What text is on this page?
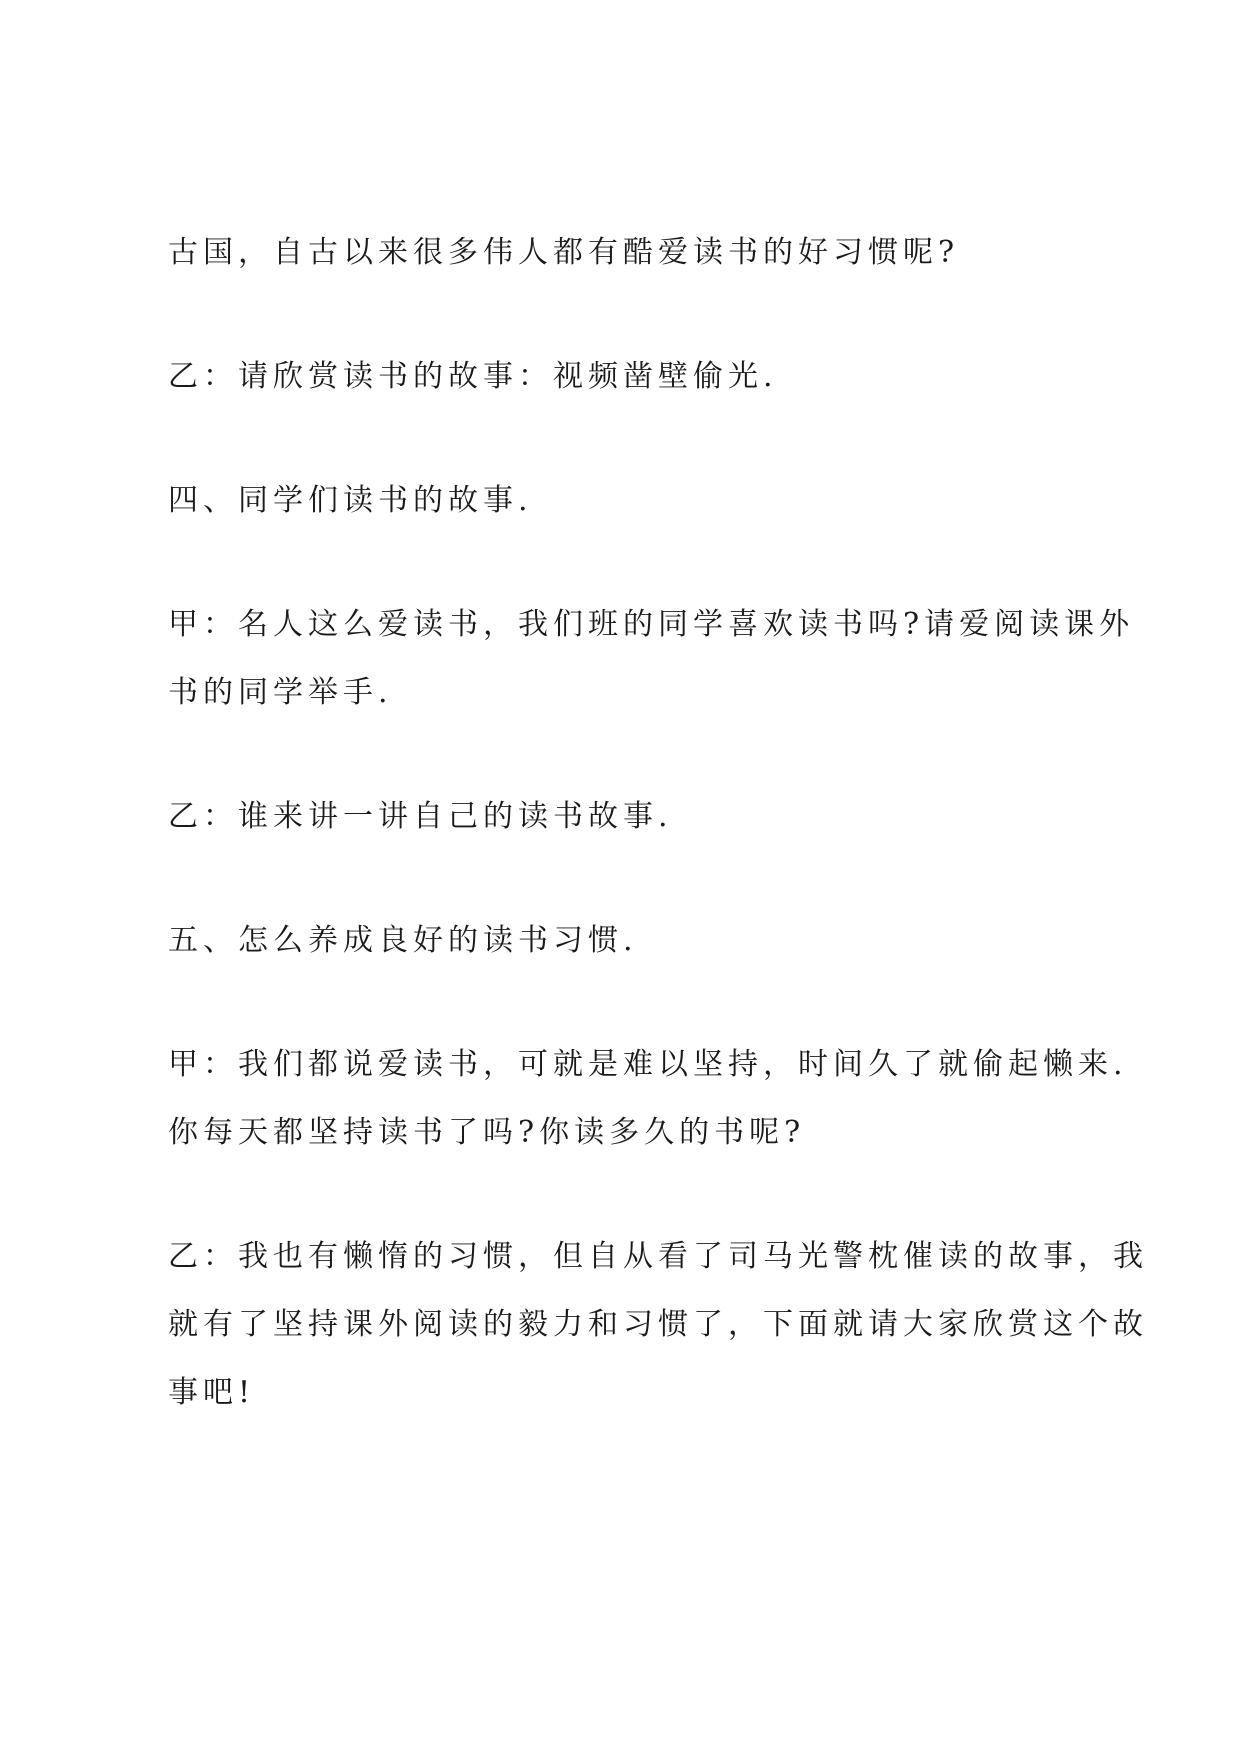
古国，自古以来很多伟人都有酷爱读书的好习惯呢?
乙：请欣赏读书的故事：视频凿壁偷光.
四、同学们读书的故事.
甲：名人这么爱读书，我们班的同学喜欢读书吗?请爱阅读课外
书的同学举手.
乙：谁来讲一讲自己的读书故事.
五、怎么养成良好的读书习惯.
甲：我们都说爱读书，可就是难以坚持，时间久了就偷起懒来.
你每天都坚持读书了吗?你读多久的书呢?
乙：我也有懒惰的习惯，但自从看了司马光警枕催读的故事，我
就有了坚持课外阅读的毅力和习惯了，下面就请大家欣赏这个故
事吧!
